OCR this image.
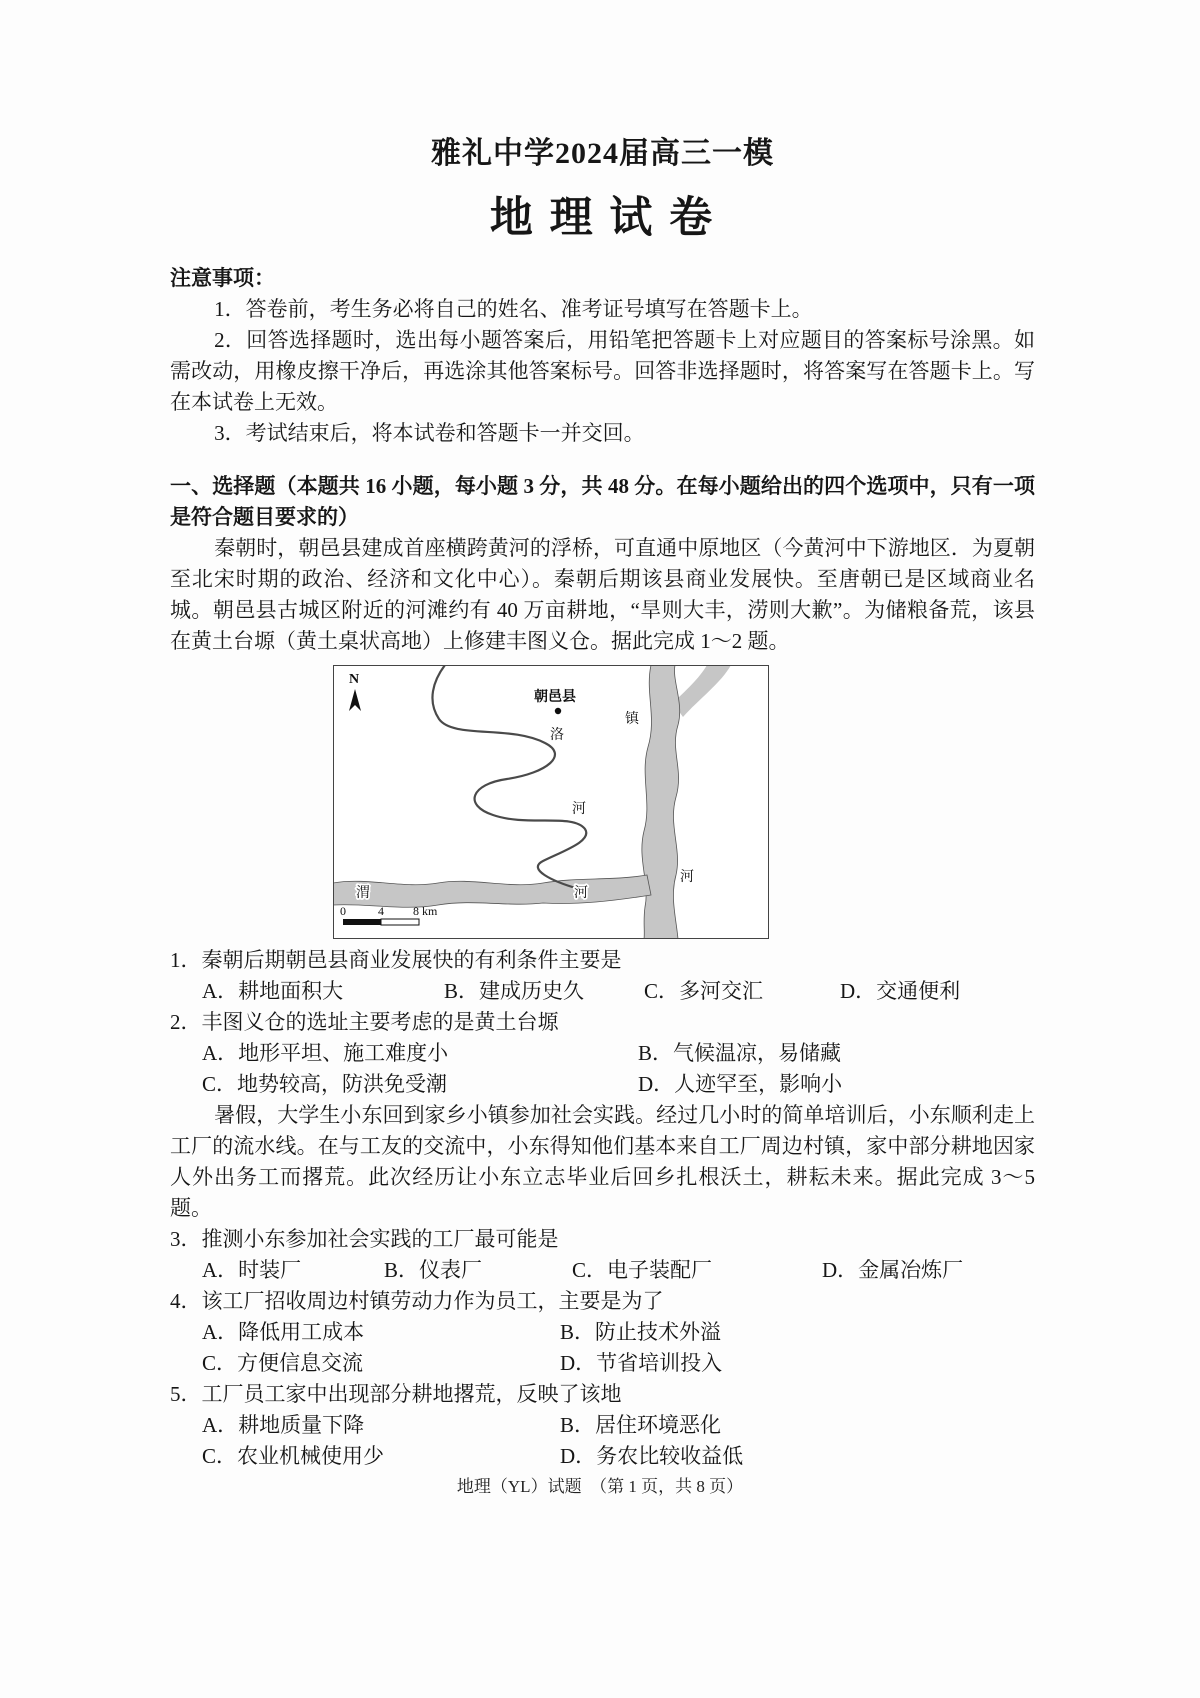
雅礼中学2024届高三一模
地 理 试 卷

注意事项：

1．答卷前，考生务必将自己的姓名、准考证号填写在答题卡上。

2．回答选择题时，选出每小题答案后，用铅笔把答题卡上对应题目的答案标号涂黑。如需改动，用橡皮擦干净后，再选涂其他答案标号。回答非选择题时，将答案写在答题卡上。写在本试卷上无效。

3．考试结束后，将本试卷和答题卡一并交回。

一、选择题（本题共 16 小题，每小题 3 分，共 48 分。在每小题给出的四个选项中，只有一项是符合题目要求的）

秦朝时，朝邑县建成首座横跨黄河的浮桥，可直通中原地区（今黄河中下游地区．为夏朝至北宋时期的政治、经济和文化中心）。秦朝后期该县商业发展快。至唐朝已是区域商业名城。朝邑县古城区附近的河滩约有 40 万亩耕地，“旱则大丰，涝则大歉”。为储粮备荒，该县在黄土台塬（黄土桌状高地）上修建丰图义仓。据此完成 1～2 题。

N
朝邑县
镇
洛
河
渭	河
河
0	4 8 km

1．秦朝后期朝邑县商业发展快的有利条件主要是

A．耕地面积大	B．建成历史久	C．多河交汇	D．交通便利

2．丰图义仓的选址主要考虑的是黄土台塬

A．地形平坦、施工难度小	B．气候温凉，易储藏
C．地势较高，防洪免受潮	D．人迹罕至，影响小

暑假，大学生小东回到家乡小镇参加社会实践。经过几小时的简单培训后，小东顺利走上工厂的流水线。在与工友的交流中，小东得知他们基本来自工厂周边村镇，家中部分耕地因家人外出务工而撂荒。此次经历让小东立志毕业后回乡扎根沃土，耕耘未来。据此完成 3～5 题。

3．推测小东参加社会实践的工厂最可能是

A．时装厂	B．仪表厂	C．电子装配厂	D．金属冶炼厂

4．该工厂招收周边村镇劳动力作为员工，主要是为了

A．降低用工成本	B．防止技术外溢
C．方便信息交流	D．节省培训投入

5．工厂员工家中出现部分耕地撂荒，反映了该地

A．耕地质量下降	B．居住环境恶化
C．农业机械使用少	D．务农比较收益低
地理（YL）试题　（第 1 页，共 8 页）
